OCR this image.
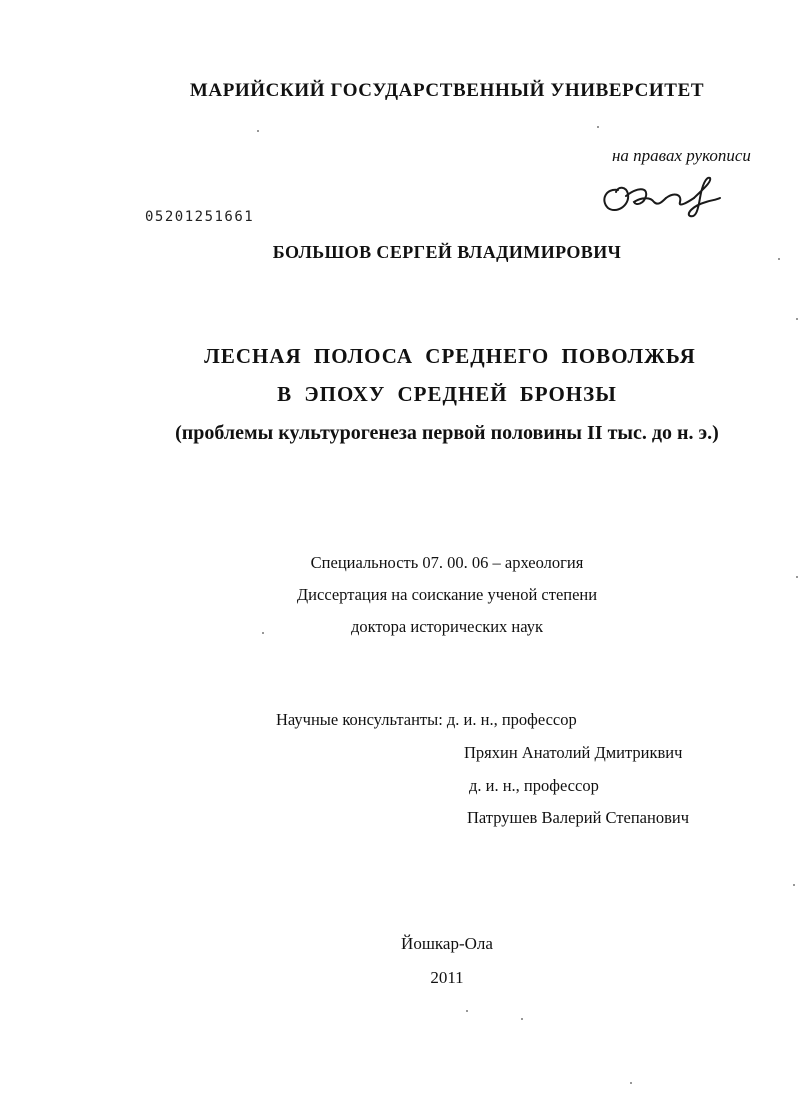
МАРИЙСКИЙ ГОСУДАРСТВЕННЫЙ УНИВЕРСИТЕТ
на правах рукописи
05201251661
БОЛЬШОВ СЕРГЕЙ ВЛАДИМИРОВИЧ
ЛЕСНАЯ ПОЛОСА СРЕДНЕГО ПОВОЛЖЬЯ
В ЭПОХУ СРЕДНЕЙ БРОНЗЫ
(проблемы культурогенеза первой половины II тыс. до н. э.)
Специальность 07. 00. 06 – археология
Диссертация на соискание ученой степени
доктора исторических наук
Научные консультанты: д. и. н., профессор
Пряхин Анатолий Дмитриквич
д. и. н., профессор
Патрушев Валерий Степанович
Йошкар-Ола
2011
